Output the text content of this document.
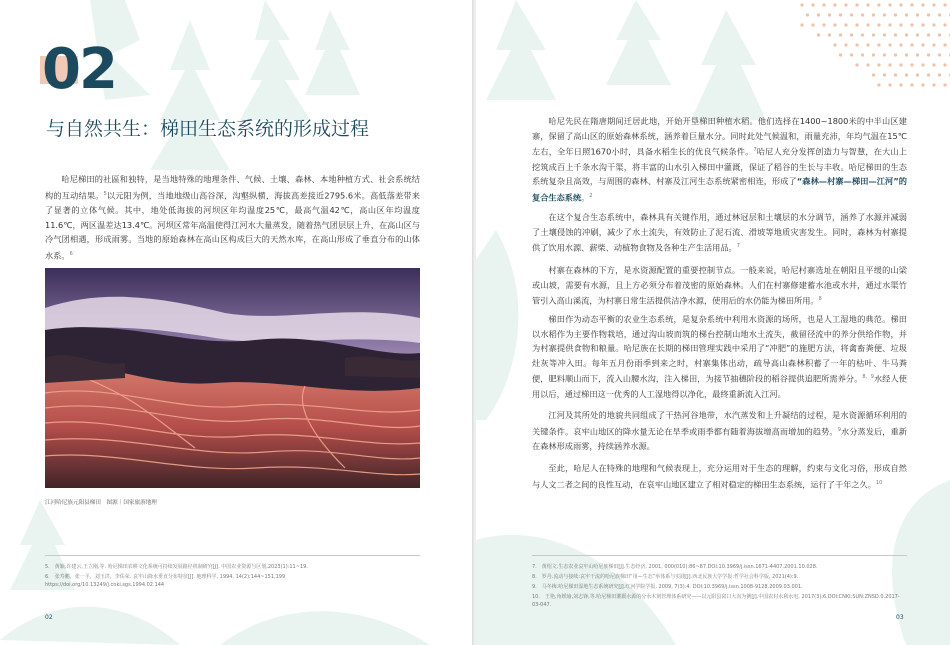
02
与自然共生：梯田生态系统的形成过程

哈尼梯田的社區和独特，是当地特殊的地理条件、气候、土壤、森林、本地种植方式、社会系统结构的互动结果。$^5$以元阳为例，当地地级山高谷深，沟壑纵横，海拔高差接近2795.6米。高低落差带来了显著的立体气候。其中，地处低海拔的河坝区年均温度25℃，最高气温42℃，高山区年均温度11.6℃，两区温差达13.4℃。河坝区常年高温使得江河水大量蒸发，随着热气团层层上升，在高山区与冷气团相遇，形成雨雾。当地的原始森林在高山区构成巨大的天然水库，在高山形成了垂直分布的山体水系。$^6$

江河哈尼族元阳县梯田　图源｜国家旅游地理

5.　黄颖,许建云,王立刚,等. 哈尼梯田农耕文化系统可持续发展路径机制研究[J]. 中国农业资源与区划,2023(1):11~19.

6.　张寿鹏，张一平，刘玉洪，李佑荣. 哀牢山降水垂直分布特征[J]. 地理科学, 1994, 14(2):144~151,199 https://doi.org/10.13249/j.cnki.sgs.1994.02.144

02

哈尼先民在隋唐期间迁居此地，开始开垦梯田种植水稻。他们选择在1400~1800米的中半山区建寨，保留了高山区的原始森林系统，涵养着巨量水分。同时此处气候温和，雨量充沛，年均气温在15℃左右，全年日照1670小时，具备水稻生长的优良气候条件。$^7$哈尼人充分发挥创造力与智慧，在大山上挖筑成百上千条水沟干渠，将丰富的山水引入梯田中灌溉，保证了稻谷的生长与丰收。哈尼梯田的生态系统复杂且高效，与周围的森林、村寨及江河生态系统紧密相连，形成了“森林—村寨—梯田—江河”的复合生态系统。$^2$

在这个复合生态系统中，森林具有关键作用，通过林冠层和土壤层的水分调节，涵养了水源并减弱了土壤侵蚀的冲刷，减少了水土流失，有效防止了泥石流、滑坡等地质灾害发生。同时，森林为村寨提供了饮用水源、薪柴、动植物食物及各种生产生活用品。$^7$

村寨在森林的下方，是水资源配置的重要控制节点。一般来说，哈尼村寨选址在朝阳且平缓的山梁或山坡，需要有水源，且上方必须分布着茂密的原始森林。人们在村寨修建蓄水池或水井，通过水渠竹管引入高山溪流，为村寨日常生活提供洁净水源，使用后的水仍能为梯田所用。$^8$

梯田作为动态平衡的农业生态系统，是复杂系统中利用水资源的场所，也是人工湿地的典范。梯田以水稻作为主要作物栽培，通过沟山坡而筑的梯台控制山地水土流失，截留径流中的养分供给作物，并为村寨提供食物和粮量。哈尼族在长期的梯田管理实践中采用了“冲肥”的施肥方法，将禽畜粪便、垃圾灶灰等冲入田。每年五月份雨季到来之时，村寨集体出动，疏导高山森林积蓄了一年的枯叶、牛马粪便，肥料顺山而下，流入山腰水沟，注入梯田，为接节抽穗阶段的稻谷提供追肥所需养分。$^{8、9}$水经人使用以后，通过梯田这一优秀的人工湿地得以净化，最终重新流入江河。

江河及其所处的地貌共同组成了干热河谷地带，水汽蒸发和上升凝结的过程，是水资源循环利用的关键条件。哀牢山地区的降水量无论在旱季或雨季都有随着海拔增高而增加的趋势。$^9$水分蒸发后，重新在森林形成雨雾，持续涵养水源。

至此，哈尼人在特殊的地理和气候表现上，充分运用对于生态的理解，约束与文化习俗，形成自然与人文二者之间的良性互动，在哀牢山地区建立了相对稳定的梯田生态系统，运行了千年之久。$^{10}$

7.　黄绍文.生态农业哀牢山哈尼族梯田[J].生态经济, 2001, 000(010):86~87.DOI:10.3969/j.issn.1671-4407.2001.10.028.

8.　罗丹.流动与接续:哀牢干流的哈尼族梯田“用—生态”举体系与实践[J].西北民族大学学报:哲学社会科学版, 2021(4):9.

9.　马冬梅.哈尼梯田湿地生态系统研究[J].红河学院学报, 2009, 7(3):4. DOI:10.3969/j.issn.1008-9128.2009.03.001.

10.　王艳,角媛瑜,刘志锋,等.哈尼梯田灌溉水源的分水木刻管理体系研究——以元阳县窝口大沟为例[J].中国农村水利水电, 2017(3):6.DOI:CNKI:SUN:ZNSD.0.2017-03-047.

03
